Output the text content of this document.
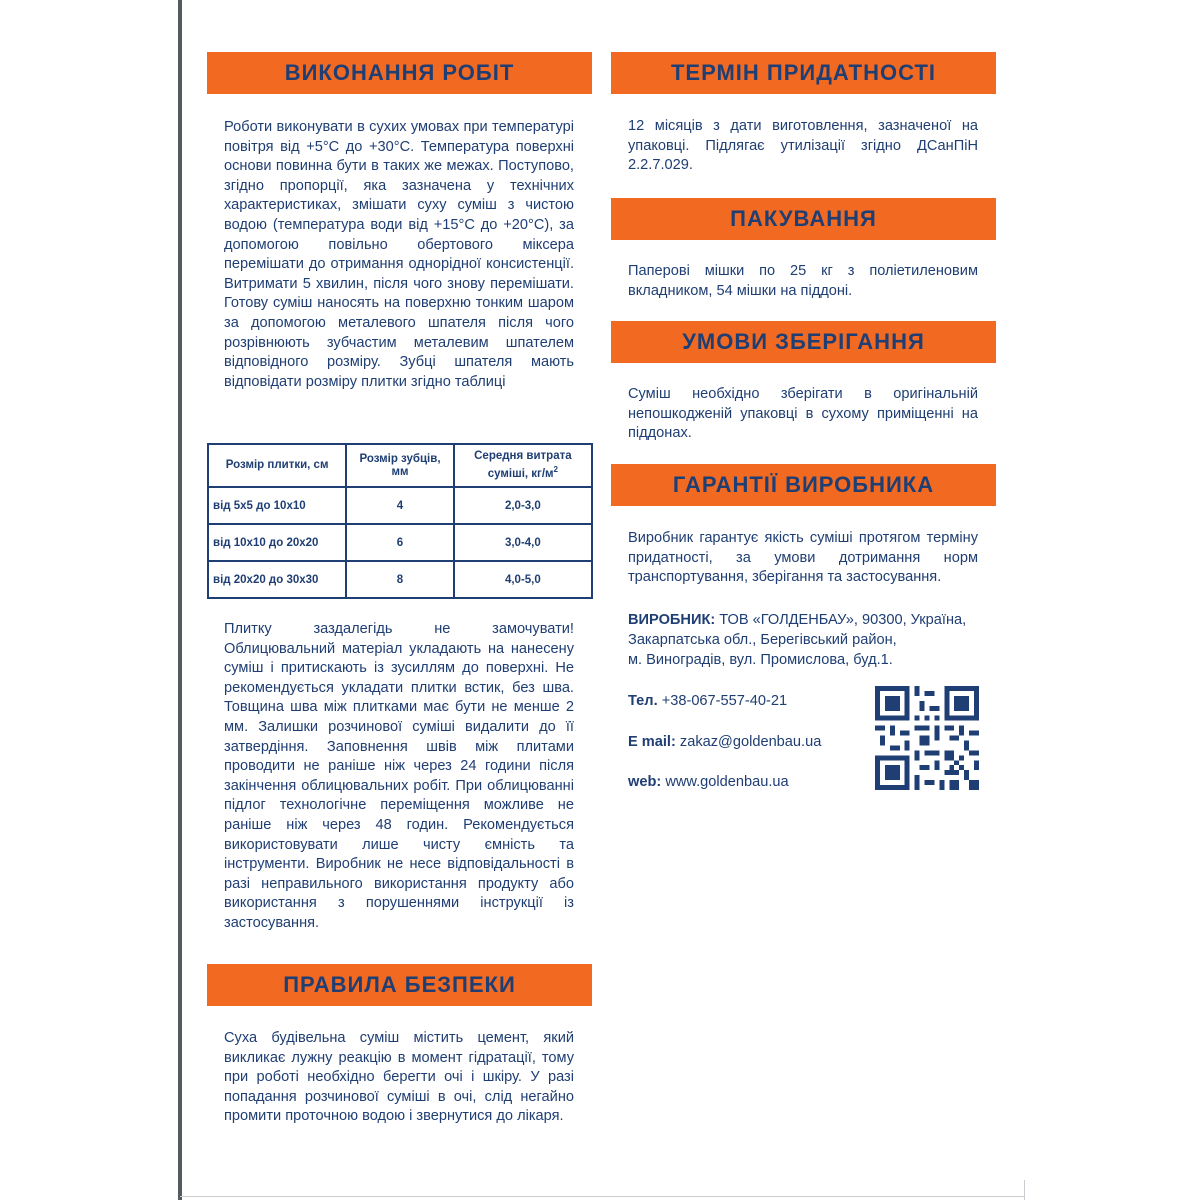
ВИКОНАННЯ РОБІТ
Роботи виконувати в сухих умовах при температурі повітря від +5°C до +30°C. Температура поверхні основи повинна бути в таких же межах. Поступово, згідно пропорції, яка зазначена у технічних характеристиках, змішати суху суміш з чистою водою (температура води від +15°C до +20°C), за допомогою повільно обертового міксера перемішати до отримання однорідної консистенції. Витримати 5 хвилин, після чого знову перемішати. Готову суміш наносять на поверхню тонким шаром за допомогою металевого шпателя після чого розрівнюють зубчастим металевим шпателем відповідного розміру. Зубці шпателя мають відповідати розміру плитки згідно таблиці
Розмір плитки, см	Розмір зубців, мм	Середня витрата суміші, $кг/м^2$
від 5х5 до 10х10	4	2,0-3,0
від 10х10 до 20х20	6	3,0-4,0
від 20х20 до 30х30	8	4,0-5,0
Плитку заздалегідь не замочувати! Облицювальний матеріал укладають на нанесену суміш і притискають із зусиллям до поверхні. Не рекомендується укладати плитки встик, без шва. Товщина шва між плитками має бути не менше 2 мм. Залишки розчинової суміші видалити до її затвердіння. Заповнення швів між плитами проводити не раніше ніж через 24 години після закінчення облицювальних робіт. При облицюванні підлог технологічне переміщення можливе не раніше ніж через 48 годин. Рекомендується використовувати лише чисту ємність та інструменти. Виробник не несе відповідальності в разі неправильного використання продукту або використання з порушеннями інструкції із застосування.
ПРАВИЛА БЕЗПЕКИ
Суха будівельна суміш містить цемент, який викликає лужну реакцію в момент гідратації, тому при роботі необхідно берегти очі і шкіру. У разі попадання розчинової суміші в очі, слід негайно промити проточною водою і звернутися до лікаря.
ТЕРМІН ПРИДАТНОСТІ
12 місяців з дати виготовлення, зазначеної на упаковці. Підлягає утилізації згідно ДСанПіН 2.2.7.029.
ПАКУВАННЯ
Паперові мішки по 25 кг з поліетиленовим вкладником, 54 мішки на піддоні.
УМОВИ ЗБЕРІГАННЯ
Суміш необхідно зберігати в оригінальній непошкодженій упаковці в сухому приміщенні на піддонах.
ГАРАНТІЇ ВИРОБНИКА
Виробник гарантує якість суміші протягом терміну придатності, за умови дотримання норм транспортування, зберігання та застосування.
ВИРОБНИК: ТОВ «ГОЛДЕНБАУ», 90300, Україна,
Закарпатська обл., Берегівський район,
м. Виноградів, вул. Промислова, буд.1.
Тел. +38-067-557-40-21
E mail: zakaz@goldenbau.ua
web: www.goldenbau.ua
